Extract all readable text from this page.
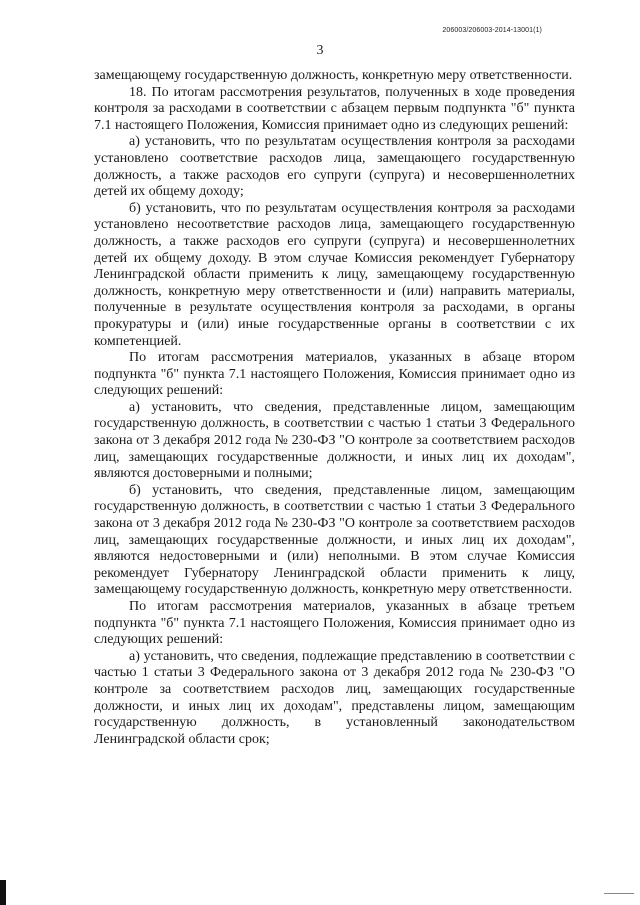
206003/206003-2014-13001(1)
3

замещающему государственную должность, конкретную меру ответственности.

18. По итогам рассмотрения результатов, полученных в ходе проведения контроля за расходами в соответствии с абзацем первым подпункта "б" пункта 7.1 настоящего Положения, Комиссия принимает одно из следующих решений:

а) установить, что по результатам осуществления контроля за расходами установлено соответствие расходов лица, замещающего государственную должность, а также расходов его супруги (супруга) и несовершеннолетних детей их общему доходу;

б) установить, что по результатам осуществления контроля за расходами установлено несоответствие расходов лица, замещающего государственную должность, а также расходов его супруги (супруга) и несовершеннолетних детей их общему доходу. В этом случае Комиссия рекомендует Губернатору Ленинградской области применить к лицу, замещающему государственную должность, конкретную меру ответственности и (или) направить материалы, полученные в результате осуществления контроля за расходами, в органы прокуратуры и (или) иные государственные органы в соответствии с их компетенцией.

По итогам рассмотрения материалов, указанных в абзаце втором подпункта "б" пункта 7.1 настоящего Положения, Комиссия принимает одно из следующих решений:

а) установить, что сведения, представленные лицом, замещающим государственную должность, в соответствии с частью 1 статьи 3 Федерального закона от 3 декабря 2012 года № 230-ФЗ "О контроле за соответствием расходов лиц, замещающих государственные должности, и иных лиц их доходам", являются достоверными и полными;

б) установить, что сведения, представленные лицом, замещающим государственную должность, в соответствии с частью 1 статьи 3 Федерального закона от 3 декабря 2012 года № 230-ФЗ "О контроле за соответствием расходов лиц, замещающих государственные должности, и иных лиц их доходам", являются недостоверными и (или) неполными. В этом случае Комиссия рекомендует Губернатору Ленинградской области применить к лицу, замещающему государственную должность, конкретную меру ответственности.

По итогам рассмотрения материалов, указанных в абзаце третьем подпункта "б" пункта 7.1 настоящего Положения, Комиссия принимает одно из следующих решений:

а) установить, что сведения, подлежащие представлению в соответствии с частью 1 статьи 3 Федерального закона от 3 декабря 2012 года № 230-ФЗ "О контроле за соответствием расходов лиц, замещающих государственные должности, и иных лиц их доходам", представлены лицом, замещающим государственную должность, в установленный законодательством Ленинградской области срок;
